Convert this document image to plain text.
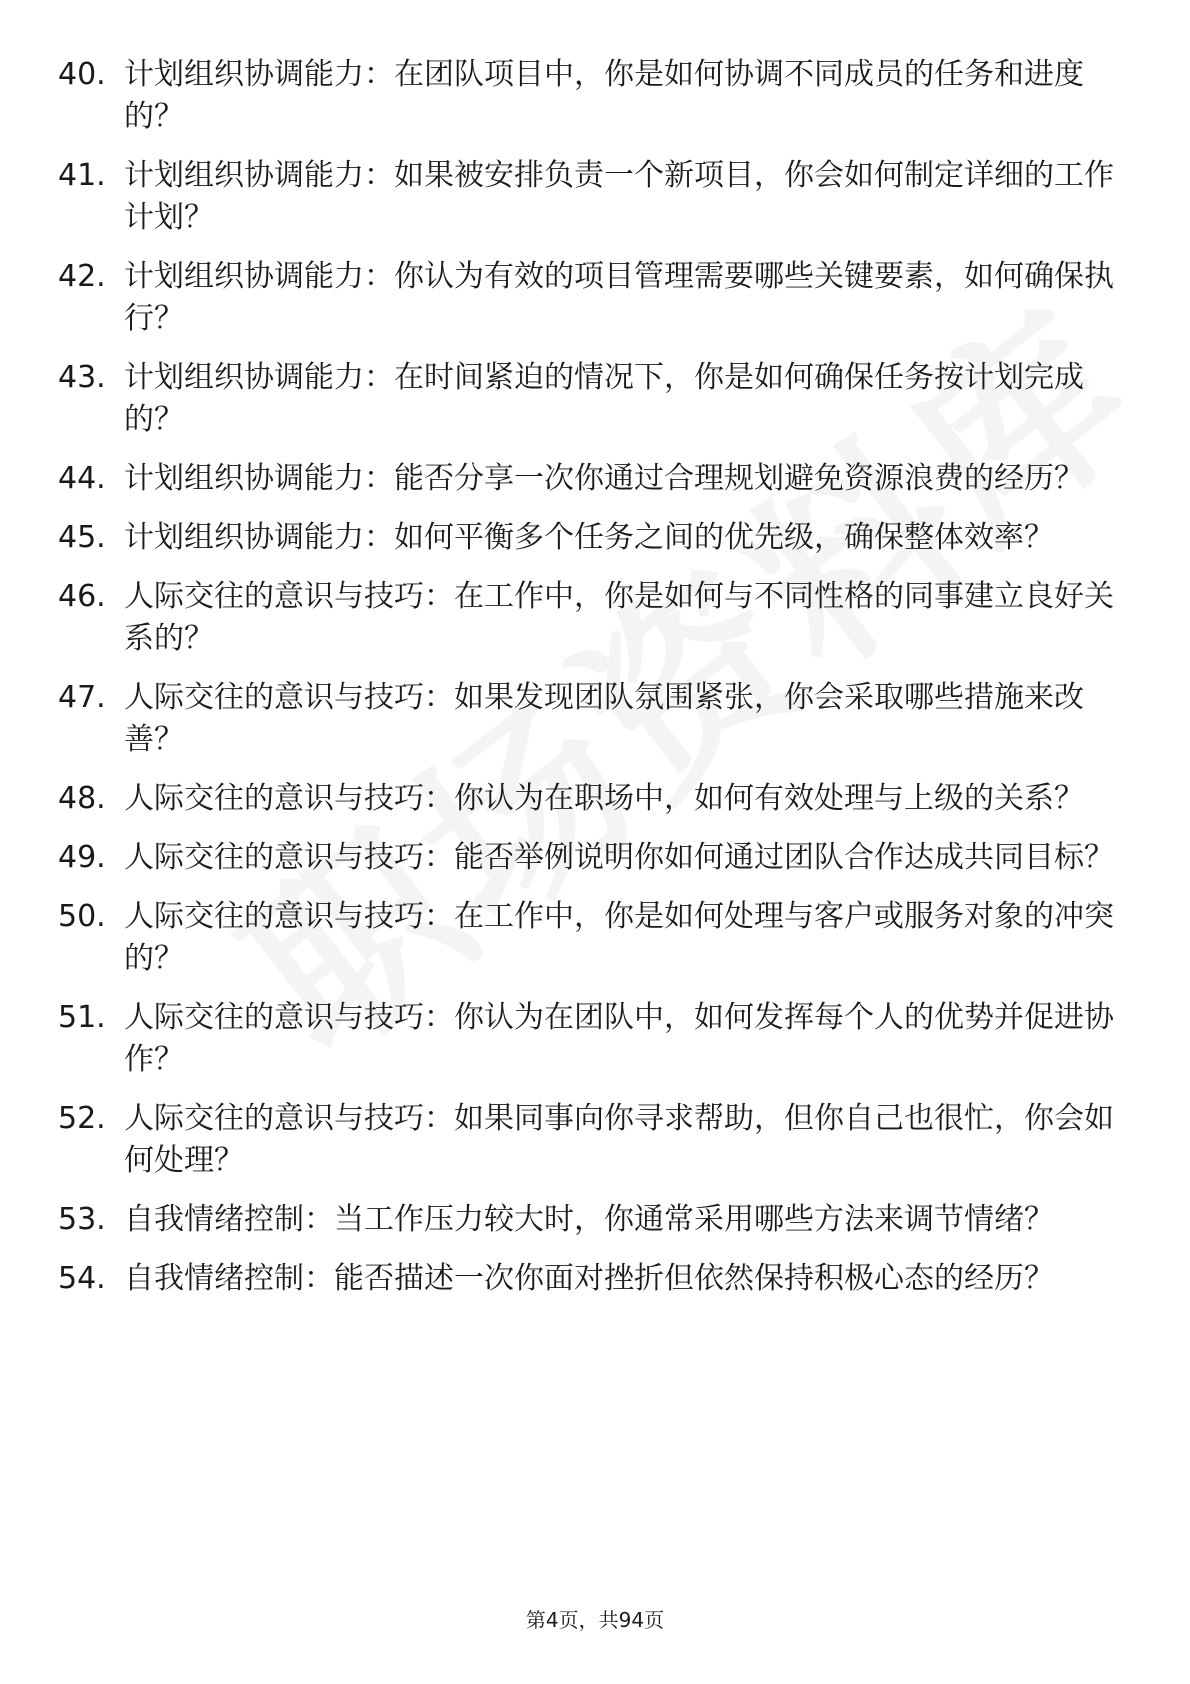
40. 计划组织协调能力：在团队项目中，你是如何协调不同成员的任务和进度的？
41. 计划组织协调能力：如果被安排负责一个新项目，你会如何制定详细的工作计划？
42. 计划组织协调能力：你认为有效的项目管理需要哪些关键要素，如何确保执行？
43. 计划组织协调能力：在时间紧迫的情况下，你是如何确保任务按计划完成的？
44. 计划组织协调能力：能否分享一次你通过合理规划避免资源浪费的经历？
45. 计划组织协调能力：如何平衡多个任务之间的优先级，确保整体效率？
46. 人际交往的意识与技巧：在工作中，你是如何与不同性格的同事建立良好关系的？
47. 人际交往的意识与技巧：如果发现团队氛围紧张，你会采取哪些措施来改善？
48. 人际交往的意识与技巧：你认为在职场中，如何有效处理与上级的关系？
49. 人际交往的意识与技巧：能否举例说明你如何通过团队合作达成共同目标？
50. 人际交往的意识与技巧：在工作中，你是如何处理与客户或服务对象的冲突的？
51. 人际交往的意识与技巧：你认为在团队中，如何发挥每个人的优势并促进协作？
52. 人际交往的意识与技巧：如果同事向你寻求帮助，但你自己也很忙，你会如何处理？
53. 自我情绪控制：当工作压力较大时，你通常采用哪些方法来调节情绪？
54. 自我情绪控制：能否描述一次你面对挫折但依然保持积极心态的经历？
第4页，共94页
